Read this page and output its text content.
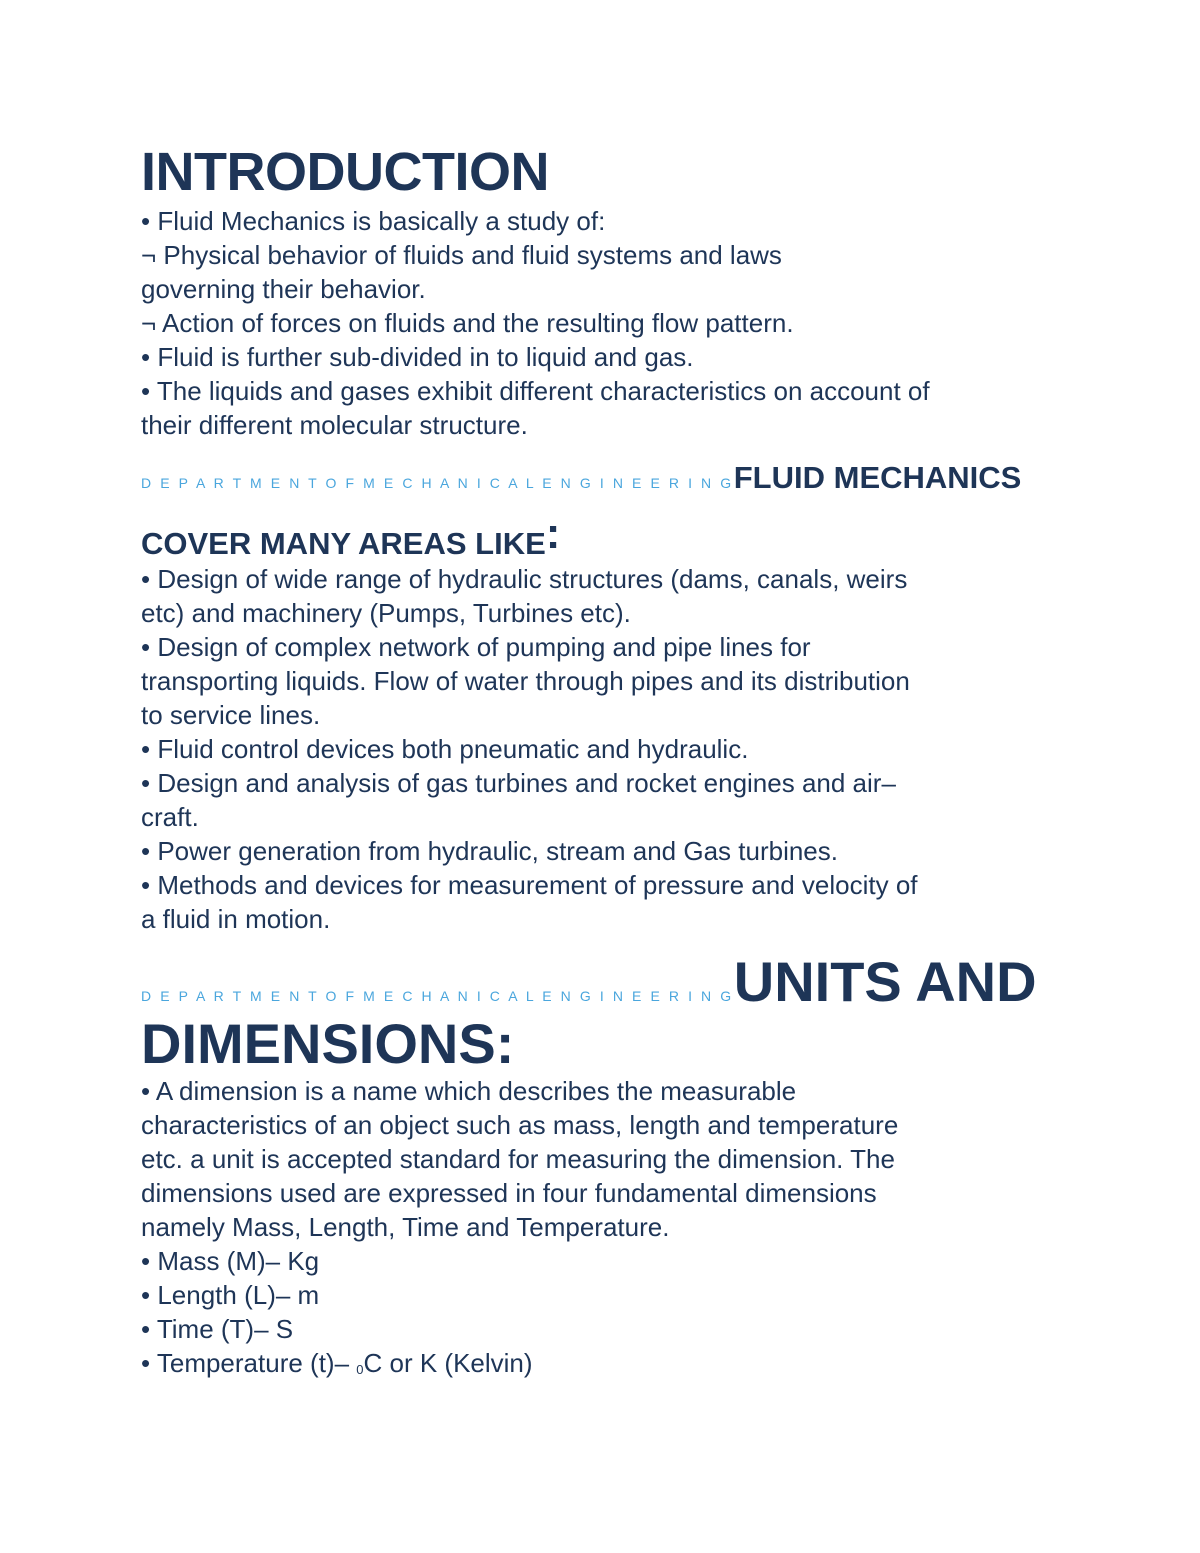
INTRODUCTION

• Fluid Mechanics is basically a study of:

¬ Physical behavior of fluids and fluid systems and laws

governing their behavior.

¬ Action of forces on fluids and the resulting flow pattern.

• Fluid is further sub-divided in to liquid and gas.

• The liquids and gases exhibit different characteristics on account of

their different molecular structure.

D E P A R T M E N T O F M E C H A N I C A L E N G I N E E R I N GFLUID MECHANICS
COVER MANY AREAS LIKE:

• Design of wide range of hydraulic structures (dams, canals, weirs

etc) and machinery (Pumps, Turbines etc).

• Design of complex network of pumping and pipe lines for

transporting liquids. Flow of water through pipes and its distribution

to service lines.

• Fluid control devices both pneumatic and hydraulic.

• Design and analysis of gas turbines and rocket engines and air–

craft.

• Power generation from hydraulic, stream and Gas turbines.

• Methods and devices for measurement of pressure and velocity of

a fluid in motion.

D E P A R T M E N T O F M E C H A N I C A L E N G I N E E R I N GUNITS AND
DIMENSIONS:

• A dimension is a name which describes the measurable

characteristics of an object such as mass, length and temperature

etc. a unit is accepted standard for measuring the dimension. The

dimensions used are expressed in four fundamental dimensions

namely Mass, Length, Time and Temperature.

• Mass (M)– Kg

• Length (L)– m

• Time (T)– S

• Temperature (t)– 0C or K (Kelvin)
